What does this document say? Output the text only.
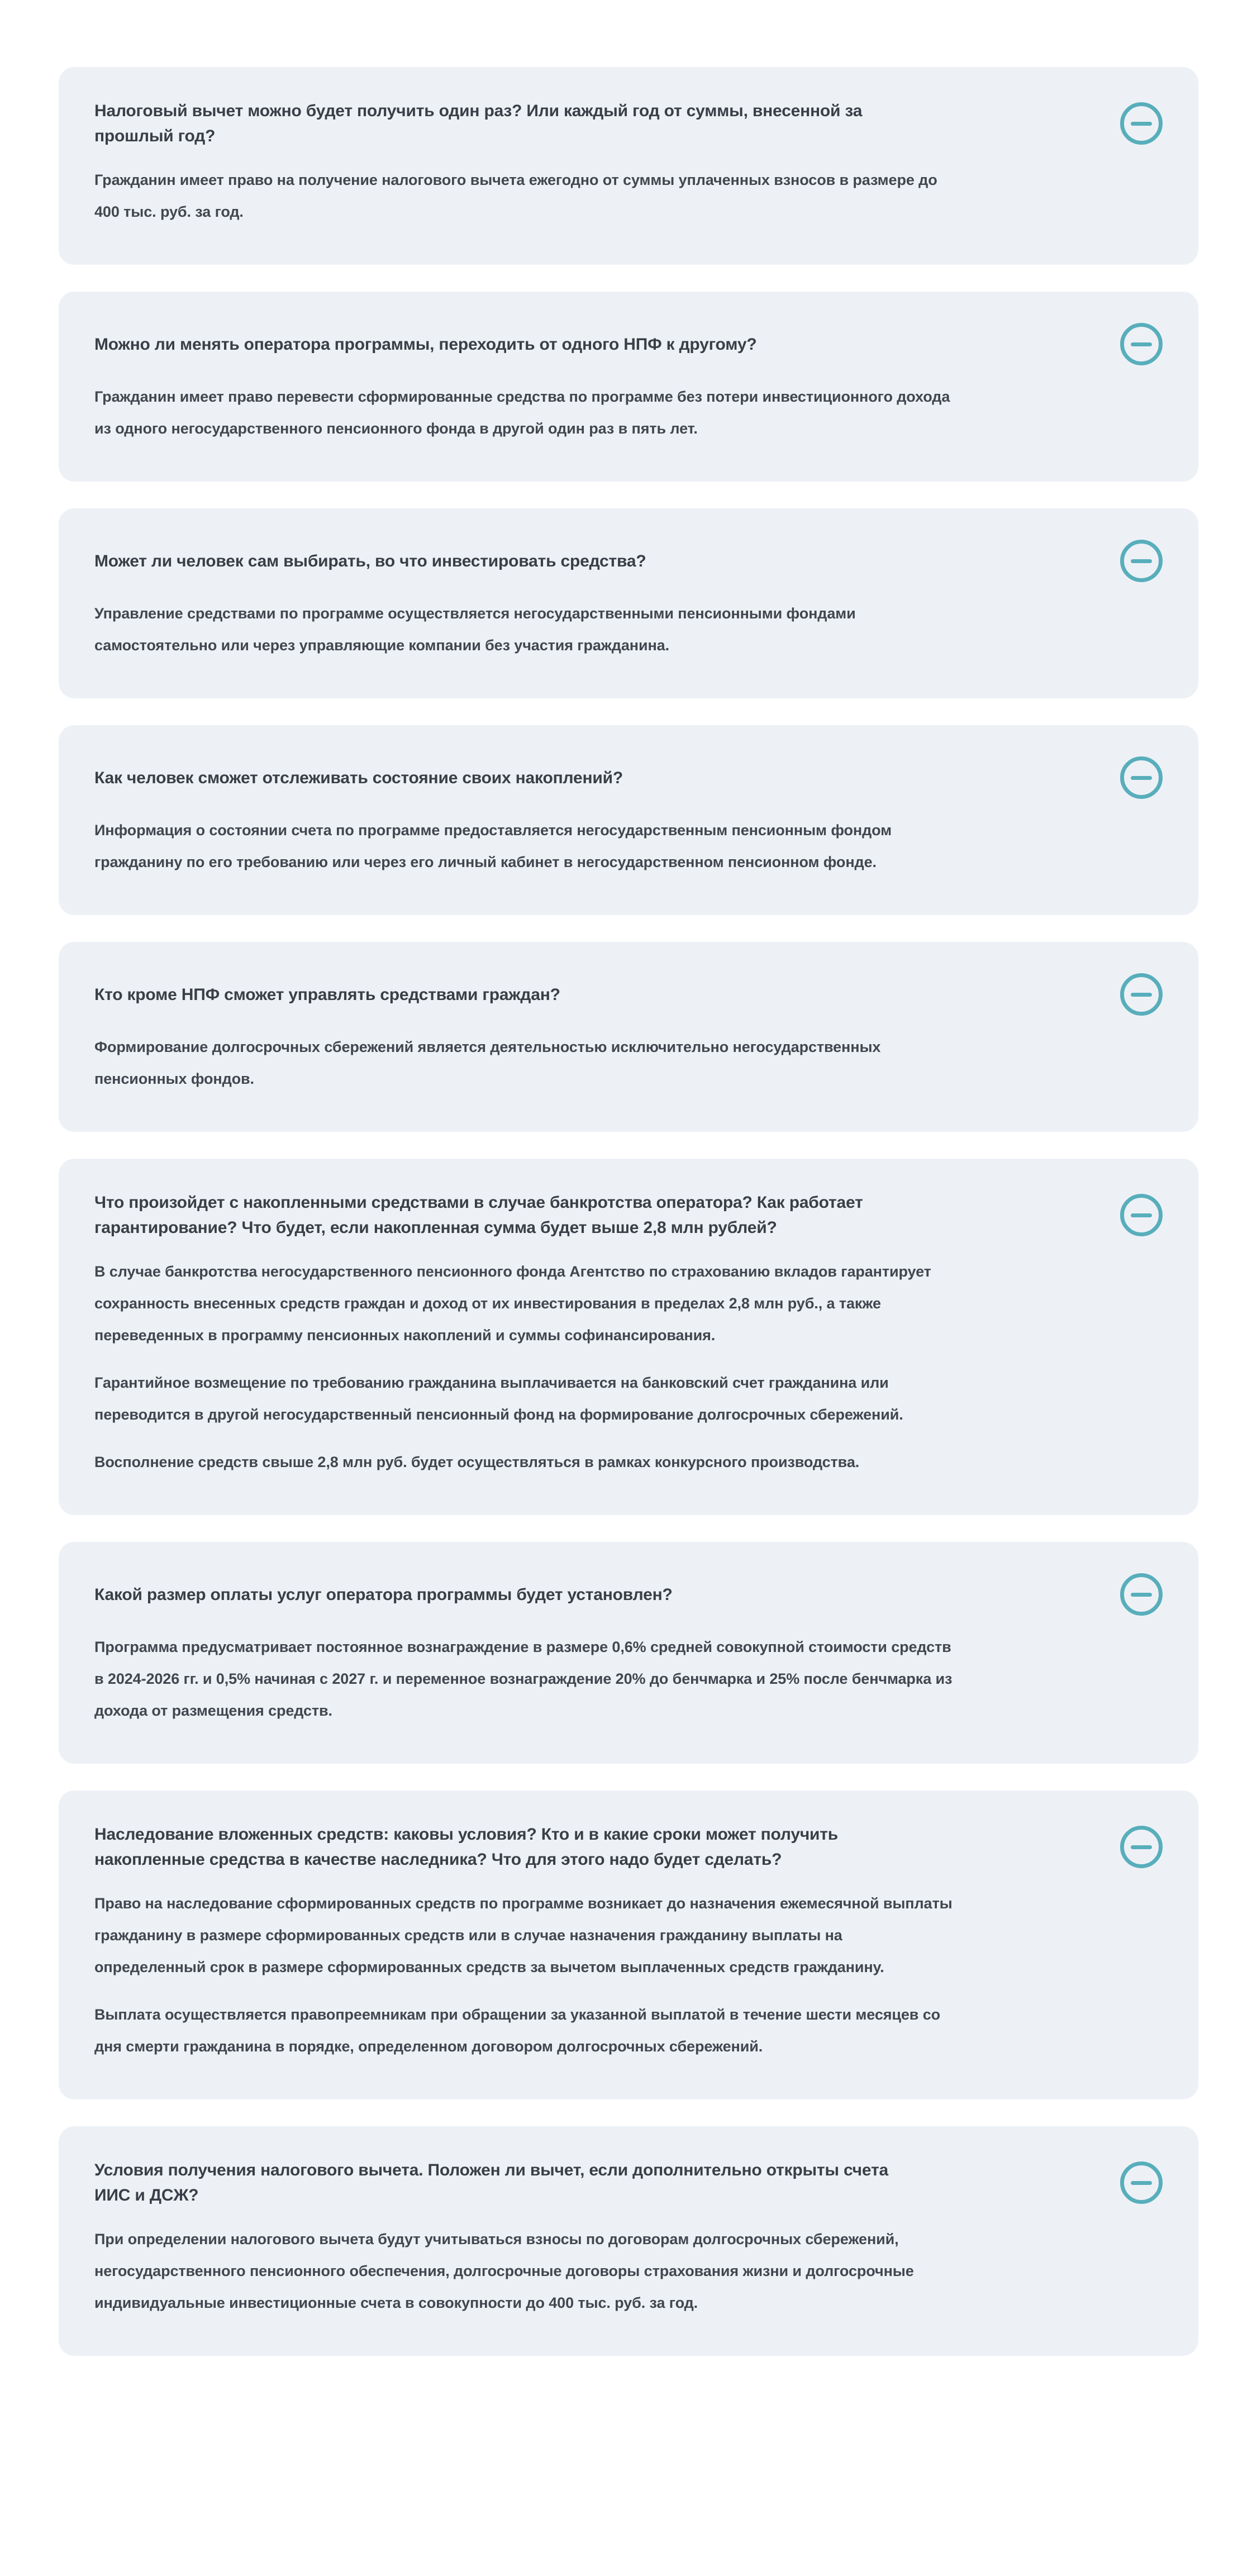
Налоговый вычет можно будет получить один раз? Или каждый год от суммы, внесенной за прошлый год?

Гражданин имеет право на получение налогового вычета ежегодно от суммы уплаченных взносов в размере до 400 тыс. руб. за год.

Можно ли менять оператора программы, переходить от одного НПФ к другому?

Гражданин имеет право перевести сформированные средства по программе без потери инвестиционного дохода из одного негосударственного пенсионного фонда в другой один раз в пять лет.

Может ли человек сам выбирать, во что инвестировать средства?

Управление средствами по программе осуществляется негосударственными пенсионными фондами самостоятельно или через управляющие компании без участия гражданина.

Как человек сможет отслеживать состояние своих накоплений?

Информация о состоянии счета по программе предоставляется негосударственным пенсионным фондом гражданину по его требованию или через его личный кабинет в негосударственном пенсионном фонде.

Кто кроме НПФ сможет управлять средствами граждан?

Формирование долгосрочных сбережений является деятельностью исключительно негосударственных пенсионных фондов.

Что произойдет с накопленными средствами в случае банкротства оператора? Как работает гарантирование? Что будет, если накопленная сумма будет выше 2,8 млн рублей?

В случае банкротства негосударственного пенсионного фонда Агентство по страхованию вкладов гарантирует сохранность внесенных средств граждан и доход от их инвестирования в пределах 2,8 млн руб., а также переведенных в программу пенсионных накоплений и суммы софинансирования.

Гарантийное возмещение по требованию гражданина выплачивается на банковский счет гражданина или переводится в другой негосударственный пенсионный фонд на формирование долгосрочных сбережений.

Восполнение средств свыше 2,8 млн руб. будет осуществляться в рамках конкурсного производства.

Какой размер оплаты услуг оператора программы будет установлен?

Программа предусматривает постоянное вознаграждение в размере 0,6% средней совокупной стоимости средств в 2024-2026 гг. и 0,5% начиная с 2027 г. и переменное вознаграждение 20% до бенчмарка и 25% после бенчмарка из дохода от размещения средств.

Наследование вложенных средств: каковы условия? Кто и в какие сроки может получить накопленные средства в качестве наследника? Что для этого надо будет сделать?

Право на наследование сформированных средств по программе возникает до назначения ежемесячной выплаты гражданину в размере сформированных средств или в случае назначения гражданину выплаты на определенный срок в размере сформированных средств за вычетом выплаченных средств гражданину.

Выплата осуществляется правопреемникам при обращении за указанной выплатой в течение шести месяцев со дня смерти гражданина в порядке, определенном договором долгосрочных сбережений.

Условия получения налогового вычета. Положен ли вычет, если дополнительно открыты счета ИИС и ДСЖ?

При определении налогового вычета будут учитываться взносы по договорам долгосрочных сбережений, негосударственного пенсионного обеспечения, долгосрочные договоры страхования жизни и долгосрочные индивидуальные инвестиционные счета в совокупности до 400 тыс. руб. за год.
